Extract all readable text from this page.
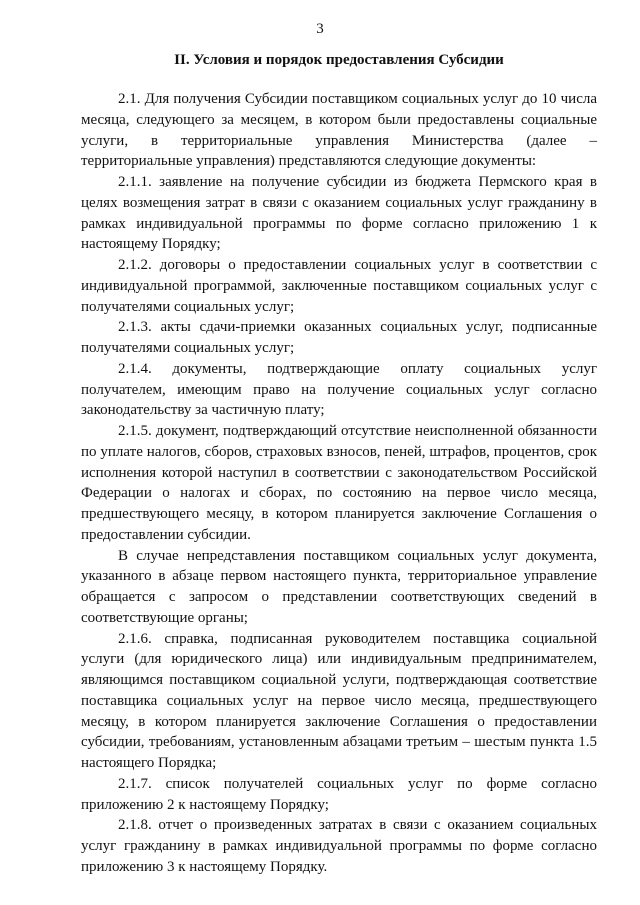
3
II. Условия и порядок предоставления Субсидии

2.1. Для получения Субсидии поставщиком социальных услуг до 10 числа месяца, следующего за месяцем, в котором были предоставлены социальные услуги, в территориальные управления Министерства (далее – территориальные управления) представляются следующие документы:

2.1.1. заявление на получение субсидии из бюджета Пермского края в целях возмещения затрат в связи с оказанием социальных услуг гражданину в рамках индивидуальной программы по форме согласно приложению 1 к настоящему Порядку;

2.1.2. договоры о предоставлении социальных услуг в соответствии с индивидуальной программой, заключенные поставщиком социальных услуг с получателями социальных услуг;

2.1.3. акты сдачи-приемки оказанных социальных услуг, подписанные получателями социальных услуг;

2.1.4. документы, подтверждающие оплату социальных услуг получателем, имеющим право на получение социальных услуг согласно законодательству за частичную плату;

2.1.5. документ, подтверждающий отсутствие неисполненной обязанности по уплате налогов, сборов, страховых взносов, пеней, штрафов, процентов, срок исполнения которой наступил в соответствии с законодательством Российской Федерации о налогах и сборах, по состоянию на первое число месяца, предшествующего месяцу, в котором планируется заключение Соглашения о предоставлении субсидии.

В случае непредставления поставщиком социальных услуг документа, указанного в абзаце первом настоящего пункта, территориальное управление обращается с запросом о представлении соответствующих сведений в соответствующие органы;

2.1.6. справка, подписанная руководителем поставщика социальной услуги (для юридического лица) или индивидуальным предпринимателем, являющимся поставщиком социальной услуги, подтверждающая соответствие поставщика социальных услуг на первое число месяца, предшествующего месяцу, в котором планируется заключение Соглашения о предоставлении субсидии, требованиям, установленным абзацами третьим – шестым пункта 1.5 настоящего Порядка;

2.1.7. список получателей социальных услуг по форме согласно приложению 2 к настоящему Порядку;

2.1.8. отчет о произведенных затратах в связи с оказанием социальных услуг гражданину в рамках индивидуальной программы по форме согласно приложению 3 к настоящему Порядку.
